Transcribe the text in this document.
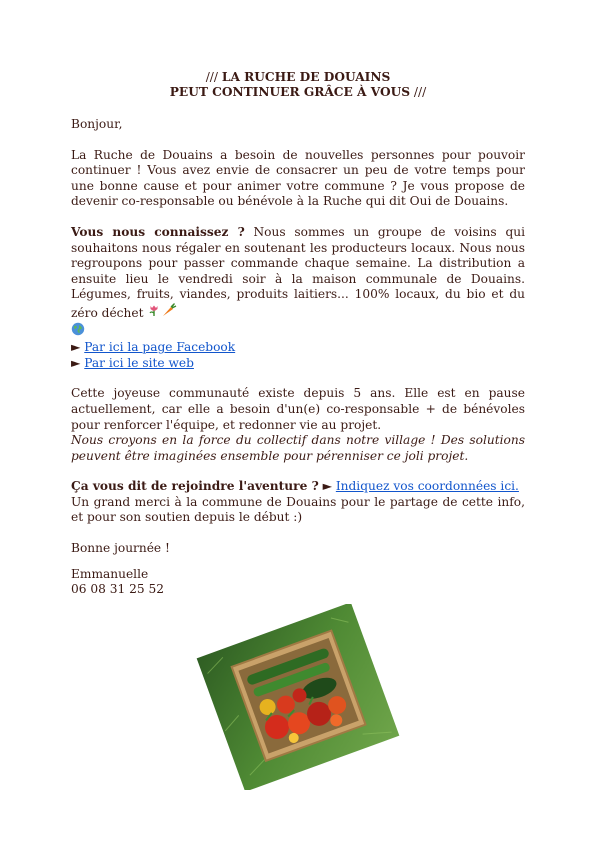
/// LA RUCHE DE DOUAINS
PEUT CONTINUER GRÂCE À VOUS ///

Bonjour,

La Ruche de Douains a besoin de nouvelles personnes pour pouvoir continuer ! Vous avez envie de consacrer un peu de votre temps pour une bonne cause et pour animer votre commune ? Je vous propose de devenir co-responsable ou bénévole à la Ruche qui dit Oui de Douains.

Vous nous connaissez ? Nous sommes un groupe de voisins qui souhaitons nous régaler en soutenant les producteurs locaux. Nous nous regroupons pour passer commande chaque semaine. La distribution a ensuite lieu le vendredi soir à la maison communale de Douains. Légumes, fruits, viandes, produits laitiers... 100% locaux, du bio et du zéro déchet

► Par ici la page Facebook

► Par ici le site web

Cette joyeuse communauté existe depuis 5 ans. Elle est en pause actuellement, car elle a besoin d'un(e) co-responsable + de bénévoles pour renforcer l'équipe, et redonner vie au projet.

Nous croyons en la force du collectif dans notre village ! Des solutions peuvent être imaginées ensemble pour pérenniser ce joli projet.

Ça vous dit de rejoindre l'aventure ? ► Indiquez vos coordonnées ici.

Un grand merci à la commune de Douains pour le partage de cette info, et pour son soutien depuis le début :)

Bonne journée !

Emmanuelle

06 08 31 25 52
